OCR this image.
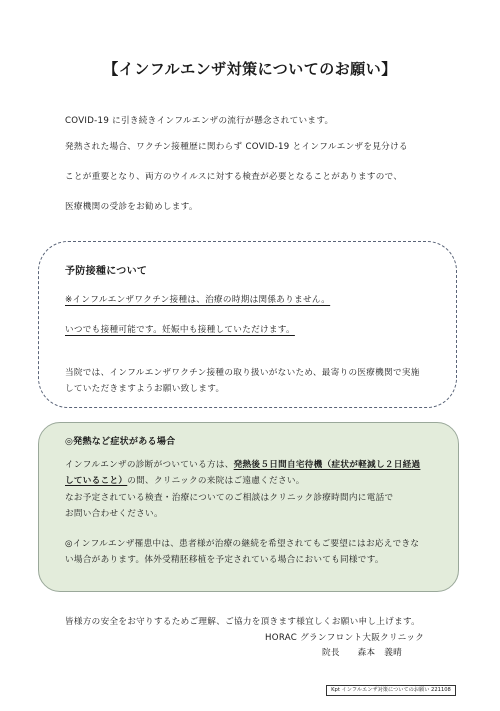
【インフルエンザ対策についてのお願い】
COVID-19 に引き続きインフルエンザの流行が懸念されています。
発熱された場合、ワクチン接種歴に関わらず COVID-19 とインフルエンザを見分ける
ことが重要となり、両方のウイルスに対する検査が必要となることがありますので、
医療機関の受診をお勧めします。
予防接種について
※インフルエンザワクチン接種は、治療の時期は関係ありません。
いつでも接種可能です。妊娠中も接種していただけます。
当院では、インフルエンザワクチン接種の取り扱いがないため、最寄りの医療機関で実施
していただきますようお願い致します。
◎発熱など症状がある場合
インフルエンザの診断がついている方は、発熱後５日間自宅待機（症状が軽減し２日経過
していること）の間、クリニックの来院はご遠慮ください。
なお予定されている検査・治療についてのご相談はクリニック診療時間内に電話で
お問い合わせください。
◎インフルエンザ罹患中は、患者様が治療の継続を希望されてもご要望にはお応えできな
い場合があります。体外受精胚移植を予定されている場合においても同様です。
皆様方の安全をお守りするためご理解、ご協力を頂きます様宜しくお願い申し上げます。
HORAC グランフロント大阪クリニック
院長　　森本　義晴
Kpt インフルエンザ対策についてのお願い 221108
